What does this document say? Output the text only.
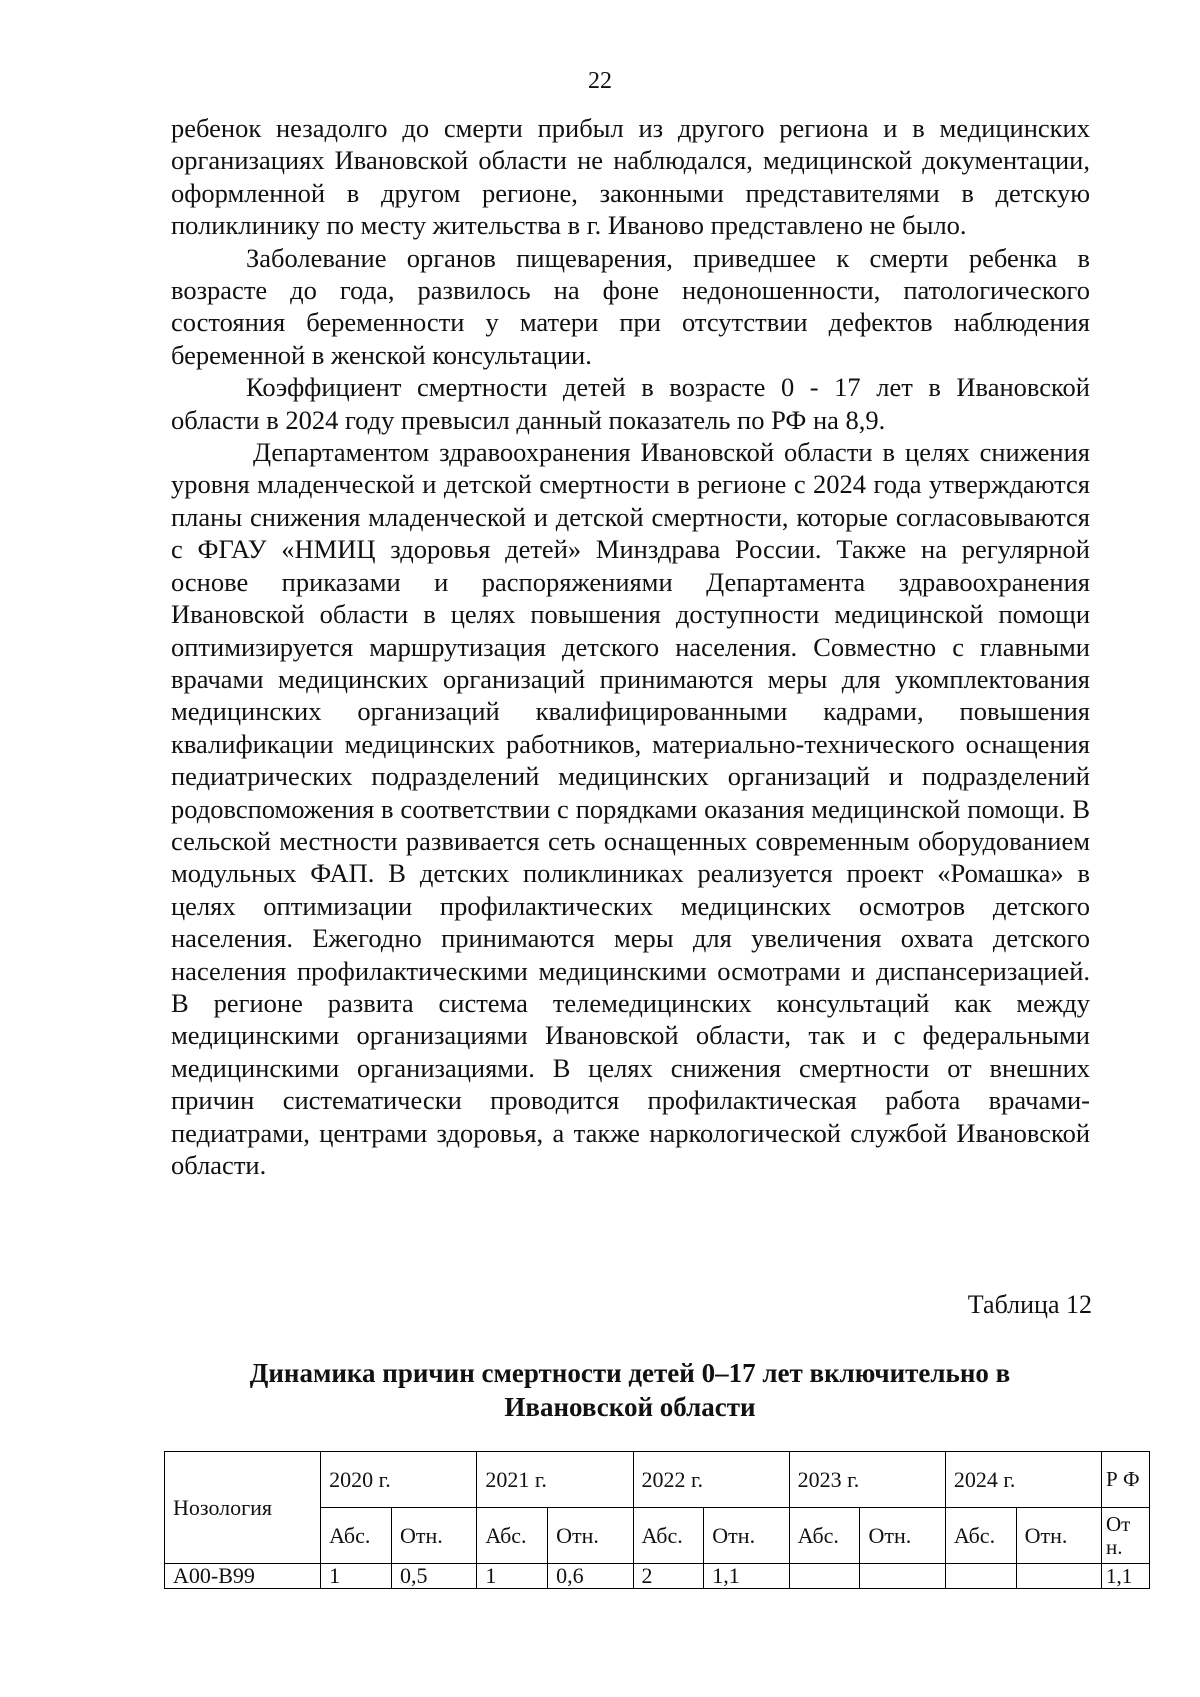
22

ребенок незадолго до смерти прибыл из другого региона и в медицинских организациях Ивановской области не наблюдался, медицинской документации, оформленной в другом регионе, законными представителями в детскую поликлинику по месту жительства в г. Иваново представлено не было.

Заболевание органов пищеварения, приведшее к смерти ребенка в возрасте до года, развилось на фоне недоношенности, патологического состояния беременности у матери при отсутствии дефектов наблюдения беременной в женской консультации.

Коэффициент смертности детей в возрасте 0 - 17 лет в Ивановской области в 2024 году превысил данный показатель по РФ на 8,9.

Департаментом здравоохранения Ивановской области в целях снижения уровня младенческой и детской смертности в регионе с 2024 года утверждаются планы снижения младенческой и детской смертности, которые согласовываются с ФГАУ «НМИЦ здоровья детей» Минздрава России. Также на регулярной основе приказами и распоряжениями Департамента здравоохранения Ивановской области в целях повышения доступности медицинской помощи оптимизируется маршрутизация детского населения. Совместно с главными врачами медицинских организаций принимаются меры для укомплектования медицинских организаций квалифицированными кадрами, повышения квалификации медицинских работников, материально-технического оснащения педиатрических подразделений медицинских организаций и подразделений родовспоможения в соответствии с порядками оказания медицинской помощи. В сельской местности развивается сеть оснащенных современным оборудованием модульных ФАП. В детских поликлиниках реализуется проект «Ромашка» в целях оптимизации профилактических медицинских осмотров детского населения. Ежегодно принимаются меры для увеличения охвата детского населения профилактическими медицинскими осмотрами и диспансеризацией. В регионе развита система телемедицинских консультаций как между медицинскими организациями Ивановской области, так и с федеральными медицинскими организациями. В целях снижения смертности от внешних причин систематически проводится профилактическая работа врачами-педиатрами, центрами здоровья, а также наркологической службой Ивановской области.

Таблица 12
Динамика причин смертности детей 0–17 лет включительно в
Ивановской области
Нозология	2020 г.		2021 г.		2022 г.		2023 г.		2024 г.		Р Ф
	Абс.	Отн.	Абс.	Отн.	Абс.	Отн.	Абс.	Отн.	Абс.	Отн.	От н.
А00-В99	1	0,5	1	0,6	2	1,1					1,1
